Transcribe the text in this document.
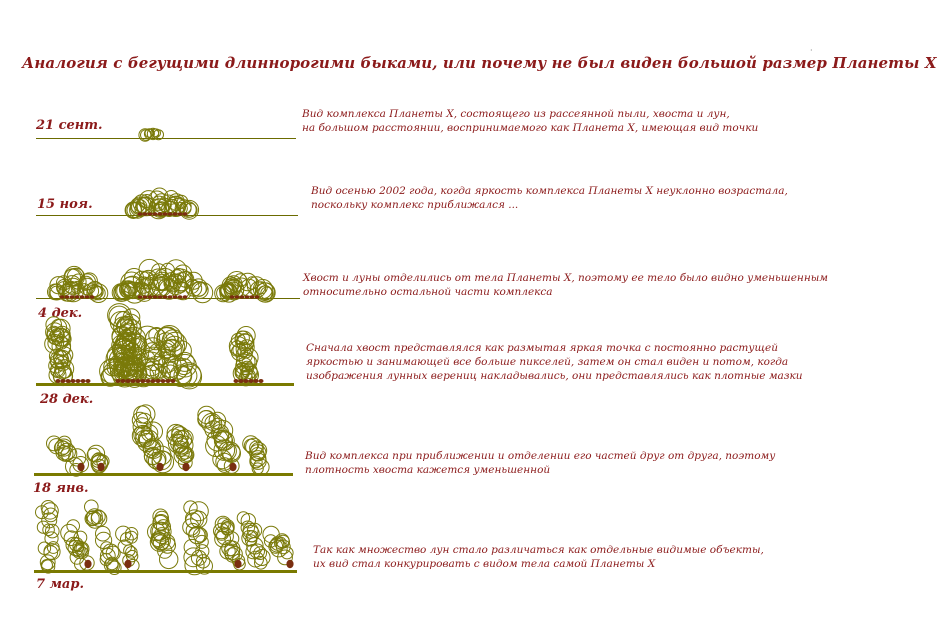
Аналогия с бегущими длиннорогими быками, или почему не был виден большой размер Планеты Х
·
21 сент.
Вид комплекса Планеты Х, состоящего из рассеянной пыли, хвоста и лун,
на большом расстоянии, воспринимаемого как Планета Х, имеющая вид точки
15 ноя.
Вид осенью 2002 года, когда яркость комплекса Планеты Х неуклонно возрастала,
поскольку комплекс приближался ...
4 дек.
Хвост и луны отделились от тела Планеты Х, поэтому ее тело было видно уменьшенным
относительно остальной части комплекса
28 дек.
Сначала хвост представлялся как размытая яркая точка с постоянно растущей
яркостью и занимающей все больше пикселей, затем он стал виден и потом, когда
изображения лунных верениц накладывались, они представлялись как плотные мазки
18 янв.
Вид комплекса при приближении и отделении его частей друг от друга, поэтому
плотность хвоста кажется уменьшенной
7 мар.
Так как множество лун стало различаться как отдельные видимые объекты,
их вид стал конкурировать с видом тела самой Планеты Х
